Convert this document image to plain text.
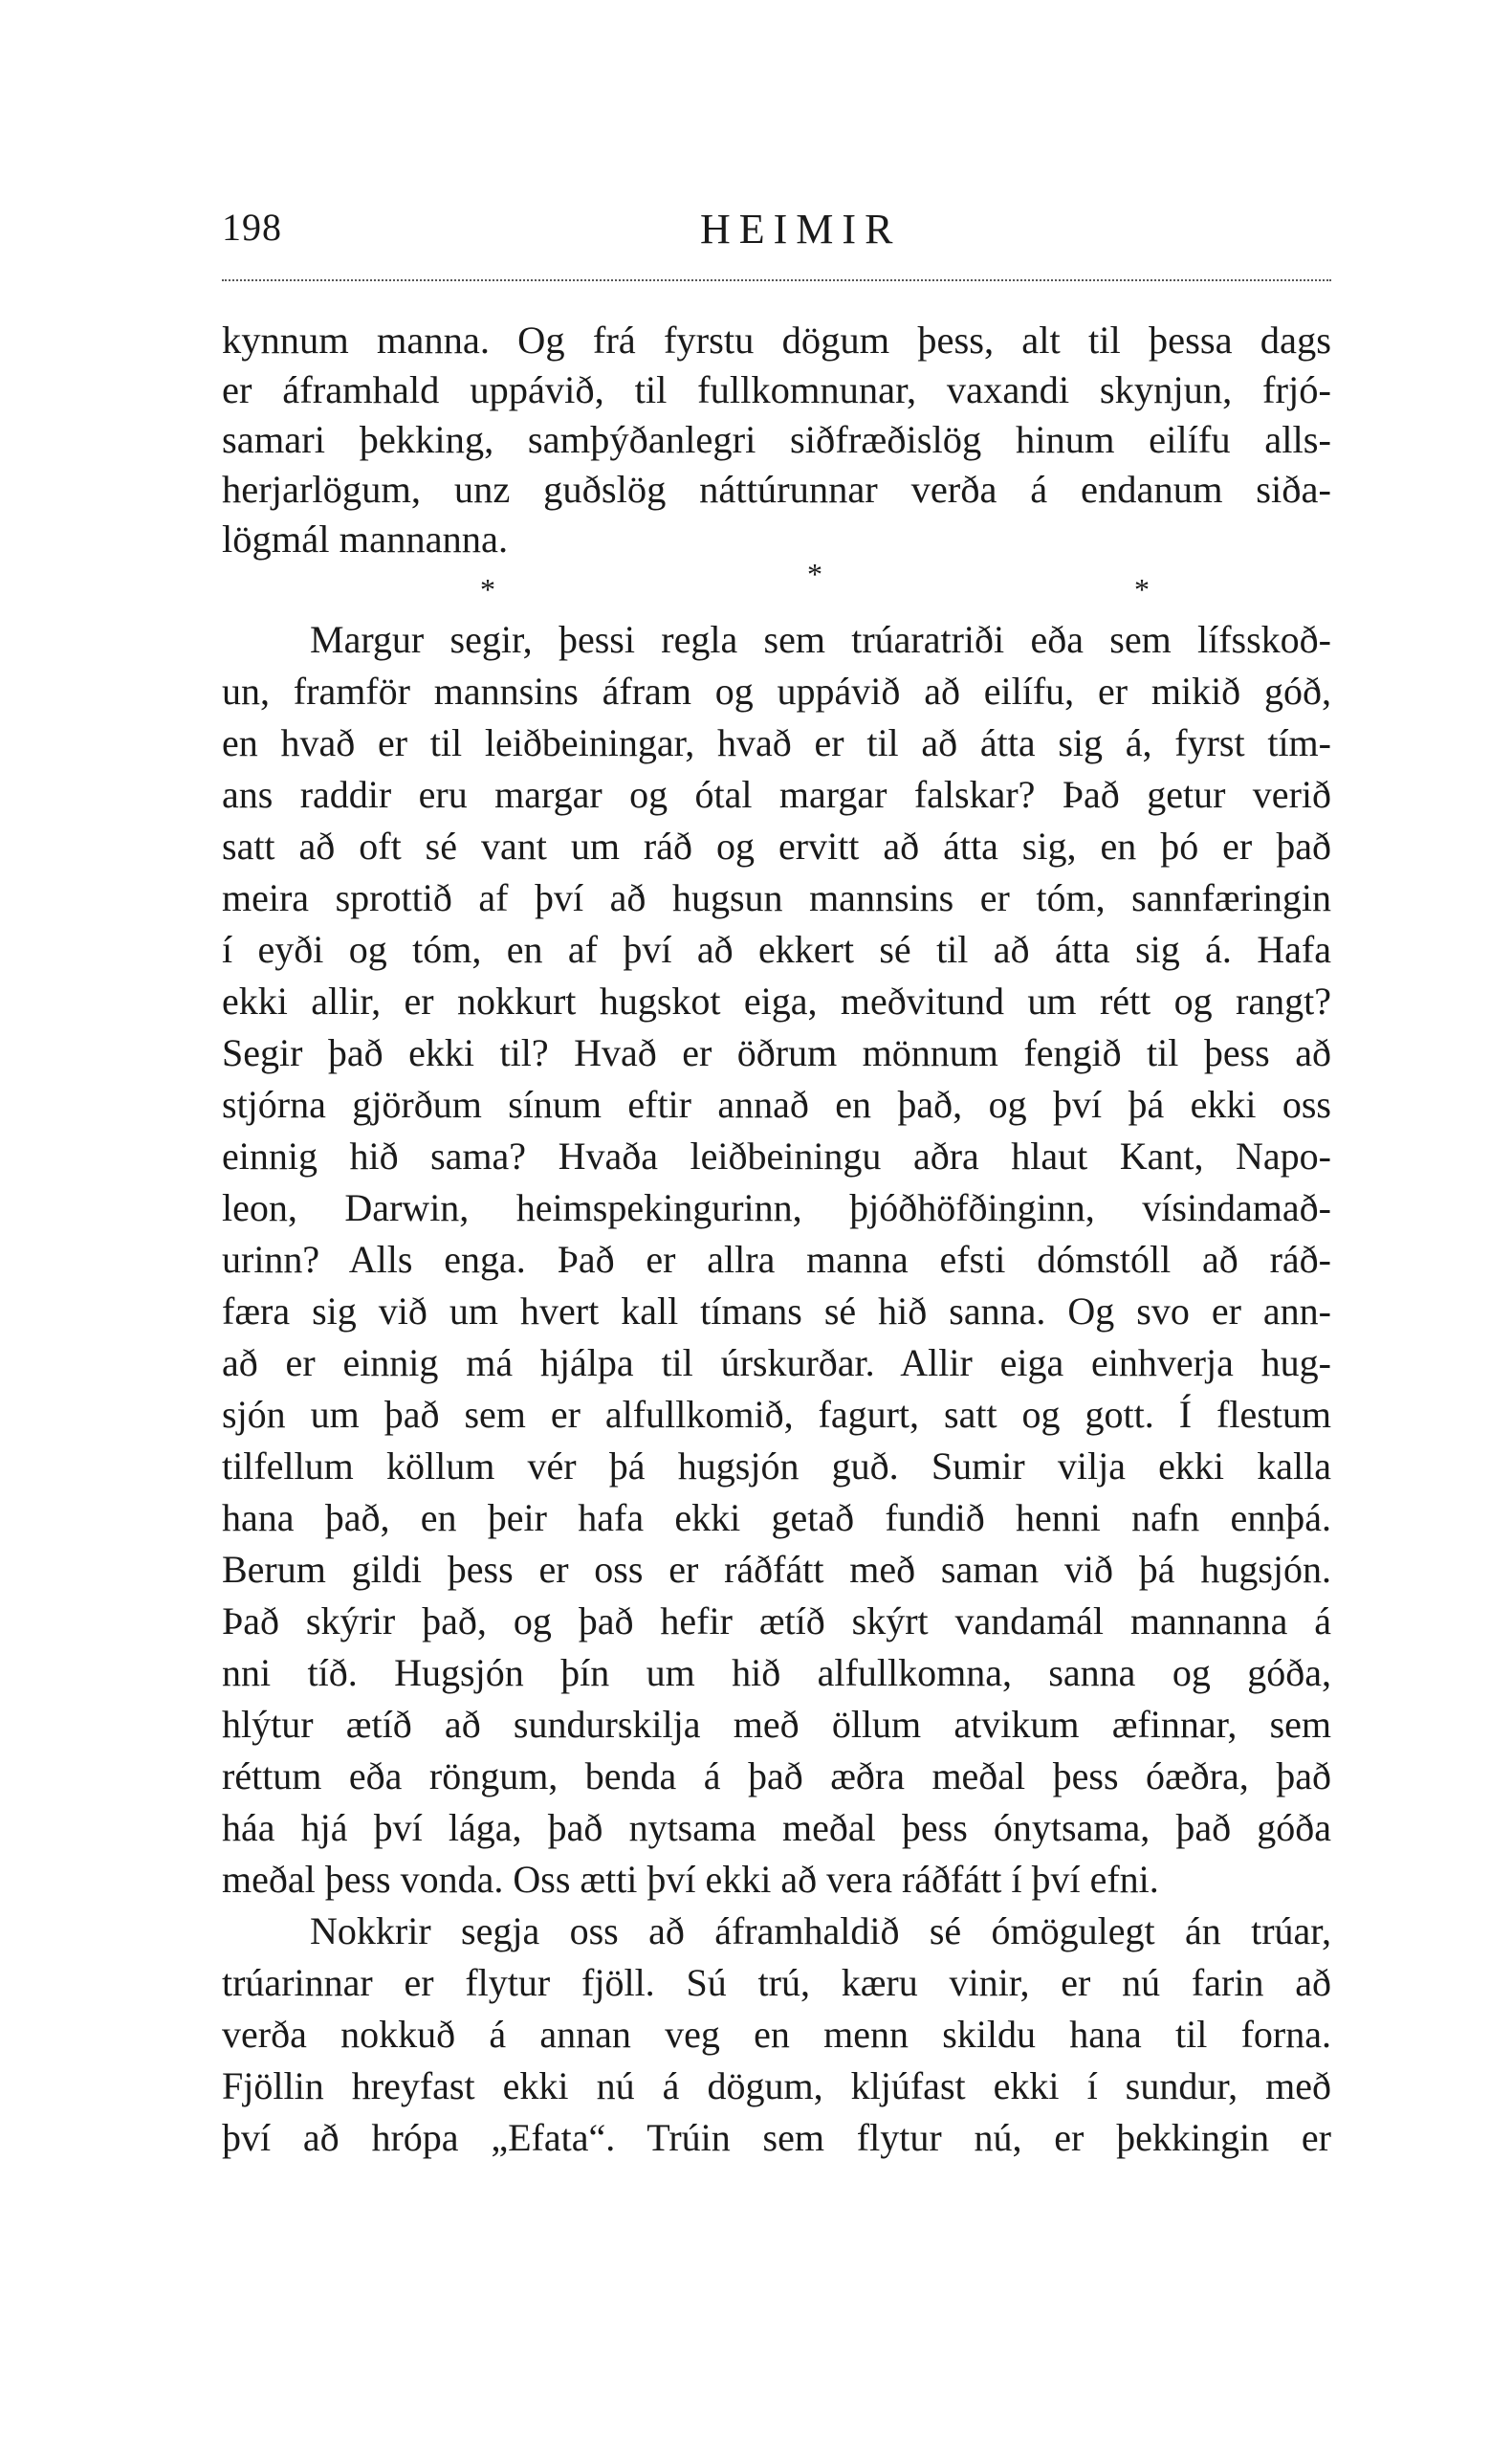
198	HEIMIR
kynnum manna. Og frá fyrstu dögum þess, alt til þessa dags
er áframhald uppávið, til fullkomnunar, vaxandi skynjun, frjó-
samari þekking, samþýðanlegri siðfræðislög hinum eilífu alls-
herjarlögum, unz guðslög náttúrunnar verða á endanum siða-
lögmál mannanna.
*	*	*
Margur segir, þessi regla sem trúaratriði eða sem lífsskoð-
un, framför mannsins áfram og uppávið að eilífu, er mikið góð,
en hvað er til leiðbeiningar, hvað er til að átta sig á, fyrst tím-
ans raddir eru margar og ótal margar falskar? Það getur verið
satt að oft sé vant um ráð og ervitt að átta sig, en þó er það
meira sprottið af því að hugsun mannsins er tóm, sannfæringin
í eyði og tóm, en af því að ekkert sé til að átta sig á. Hafa
ekki allir, er nokkurt hugskot eiga, meðvitund um rétt og rangt?
Segir það ekki til? Hvað er öðrum mönnum fengið til þess að
stjórna gjörðum sínum eftir annað en það, og því þá ekki oss
einnig hið sama? Hvaða leiðbeiningu aðra hlaut Kant, Napo-
leon, Darwin, heimspekingurinn, þjóðhöfðinginn, vísindamað-
urinn? Alls enga. Það er allra manna efsti dómstóll að ráð-
færa sig við um hvert kall tímans sé hið sanna. Og svo er ann-
að er einnig má hjálpa til úrskurðar. Allir eiga einhverja hug-
sjón um það sem er alfullkomið, fagurt, satt og gott. Í flestum
tilfellum köllum vér þá hugsjón guð. Sumir vilja ekki kalla
hana það, en þeir hafa ekki getað fundið henni nafn ennþá.
Berum gildi þess er oss er ráðfátt með saman við þá hugsjón.
Það skýrir það, og það hefir ætíð skýrt vandamál mannanna á
nni tíð. Hugsjón þín um hið alfullkomna, sanna og góða,
hlýtur ætíð að sundurskilja með öllum atvikum æfinnar, sem
réttum eða röngum, benda á það æðra meðal þess óæðra, það
háa hjá því lága, það nytsama meðal þess ónytsama, það góða
meðal þess vonda. Oss ætti því ekki að vera ráðfátt í því efni.
Nokkrir segja oss að áframhaldið sé ómögulegt án trúar,
trúarinnar er flytur fjöll. Sú trú, kæru vinir, er nú farin að
verða nokkuð á annan veg en menn skildu hana til forna.
Fjöllin hreyfast ekki nú á dögum, kljúfast ekki í sundur, með
því að hrópa „Efata“. Trúin sem flytur nú, er þekkingin er
